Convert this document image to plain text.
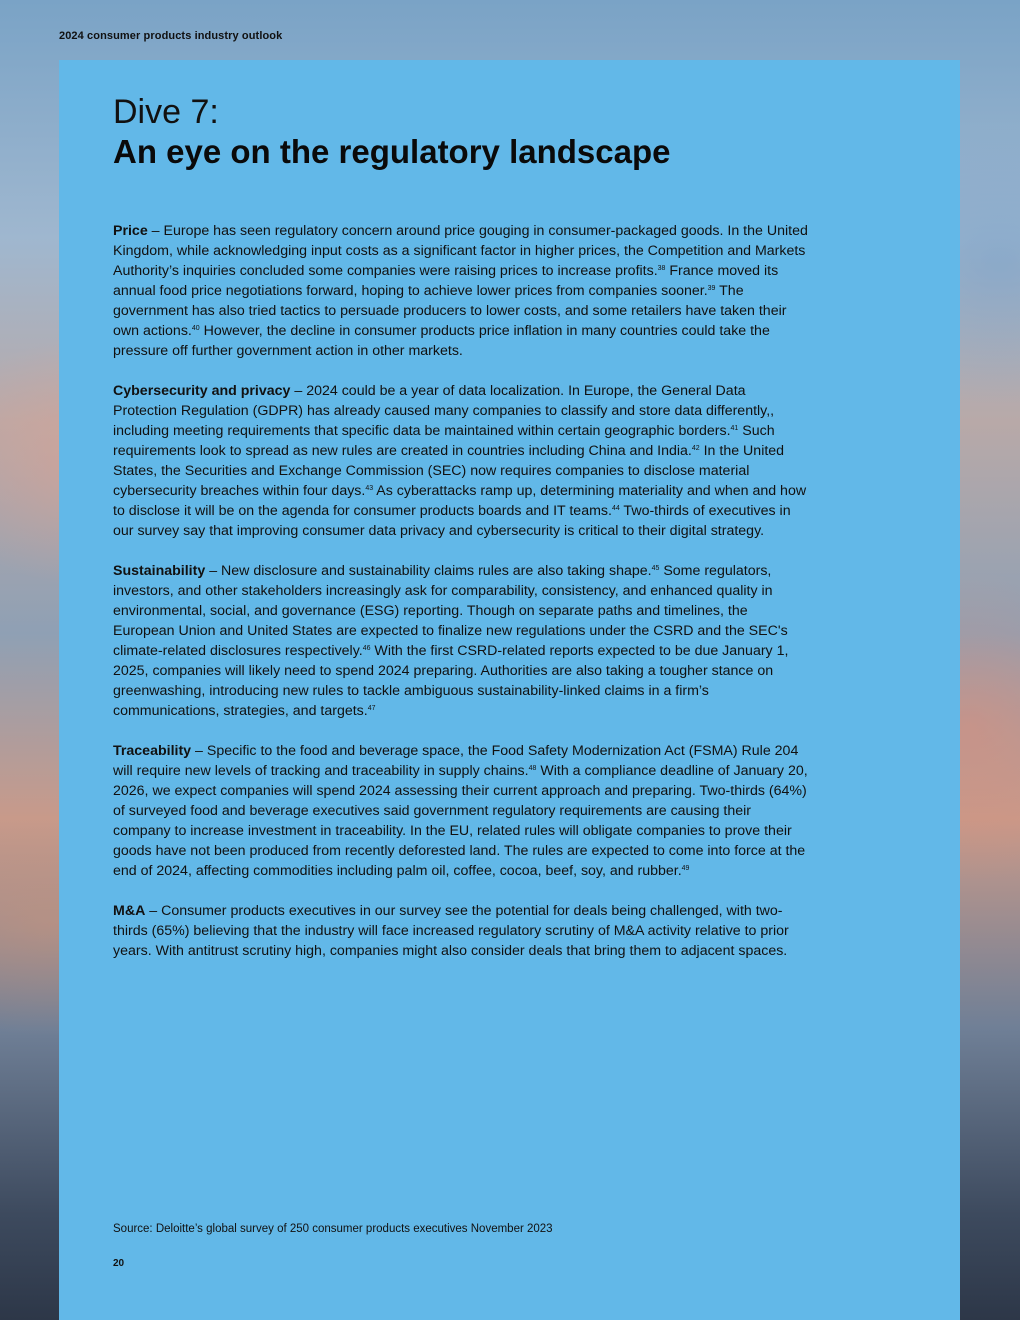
2024 consumer products industry outlook
Dive 7:
An eye on the regulatory landscape

Price – Europe has seen regulatory concern around price gouging in consumer-packaged goods. In the United Kingdom, while acknowledging input costs as a significant factor in higher prices, the Competition and Markets Authority’s inquiries concluded some companies were raising prices to increase profits.$^{38}$ France moved its annual food price negotiations forward, hoping to achieve lower prices from companies sooner.$^{39}$ The government has also tried tactics to persuade producers to lower costs, and some retailers have taken their own actions.$^{40}$ However, the decline in consumer products price inflation in many countries could take the pressure off further government action in other markets.

Cybersecurity and privacy – 2024 could be a year of data localization. In Europe, the General Data Protection Regulation (GDPR) has already caused many companies to classify and store data differently,, including meeting requirements that specific data be maintained within certain geographic borders.$^{41}$ Such requirements look to spread as new rules are created in countries including China and India.$^{42}$ In the United States, the Securities and Exchange Commission (SEC) now requires companies to disclose material cybersecurity breaches within four days.$^{43}$ As cyberattacks ramp up, determining materiality and when and how to disclose it will be on the agenda for consumer products boards and IT teams.$^{44}$ Two-thirds of executives in our survey say that improving consumer data privacy and cybersecurity is critical to their digital strategy.

Sustainability – New disclosure and sustainability claims rules are also taking shape.$^{45}$ Some regulators, investors, and other stakeholders increasingly ask for comparability, consistency, and enhanced quality in environmental, social, and governance (ESG) reporting. Though on separate paths and timelines, the European Union and United States are expected to finalize new regulations under the CSRD and the SEC's climate-related disclosures respectively.$^{46}$ With the first CSRD-related reports expected to be due January 1, 2025, companies will likely need to spend 2024 preparing. Authorities are also taking a tougher stance on greenwashing, introducing new rules to tackle ambiguous sustainability-linked claims in a firm’s communications, strategies, and targets.$^{47}$

Traceability – Specific to the food and beverage space, the Food Safety Modernization Act (FSMA) Rule 204 will require new levels of tracking and traceability in supply chains.$^{48}$ With a compliance deadline of January 20, 2026, we expect companies will spend 2024 assessing their current approach and preparing. Two-thirds (64%) of surveyed food and beverage executives said government regulatory requirements are causing their company to increase investment in traceability. In the EU, related rules will obligate companies to prove their goods have not been produced from recently deforested land. The rules are expected to come into force at the end of 2024, affecting commodities including palm oil, coffee, cocoa, beef, soy, and rubber.$^{49}$

M&A – Consumer products executives in our survey see the potential for deals being challenged, with two-thirds (65%) believing that the industry will face increased regulatory scrutiny of M&A activity relative to prior years. With antitrust scrutiny high, companies might also consider deals that bring them to adjacent spaces.

Source: Deloitte’s global survey of 250 consumer products executives November 2023
20
